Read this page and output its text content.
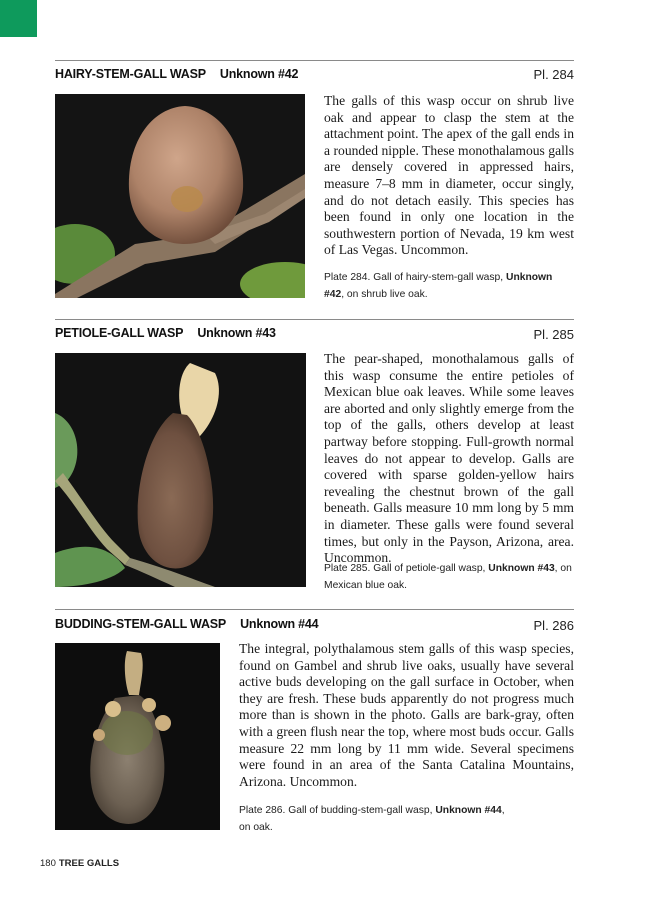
HAIRY-STEM-GALL WASP Unknown #42	Pl. 284
The galls of this wasp occur on shrub live oak and appear to clasp the stem at the attachment point. The apex of the gall ends in a rounded nipple. These monothalamous galls are densely covered in appressed hairs, measure 7–8 mm in diameter, occur singly, and do not detach easily. This species has been found in only one location in the southwestern portion of Nevada, 19 km west of Las Vegas. Uncommon.
Plate 284. Gall of hairy-stem-gall wasp, Unknown #42, on shrub live oak.
PETIOLE-GALL WASP Unknown #43	Pl. 285
The pear-shaped, monothalamous galls of this wasp consume the entire petioles of Mexican blue oak leaves. While some leaves are aborted and only slightly emerge from the top of the galls, others develop at least partway before stopping. Full-growth normal leaves do not appear to develop. Galls are covered with sparse golden-yellow hairs revealing the chestnut brown of the gall beneath. Galls measure 10 mm long by 5 mm in diameter. These galls were found several times, but only in the Payson, Arizona, area. Uncommon.
Plate 285. Gall of petiole-gall wasp, Unknown #43, on Mexican blue oak.
BUDDING-STEM-GALL WASP Unknown #44	Pl. 286
The integral, polythalamous stem galls of this wasp species, found on Gambel and shrub live oaks, usually have several active buds developing on the gall surface in October, when they are fresh. These buds apparently do not progress much more than is shown in the photo. Galls are bark-gray, often with a green flush near the top, where most buds occur. Galls measure 22 mm long by 11 mm wide. Several specimens were found in an area of the Santa Catalina Mountains, Arizona. Uncommon.
Plate 286. Gall of budding-stem-gall wasp, Unknown #44,
on oak.
180 TREE GALLS
